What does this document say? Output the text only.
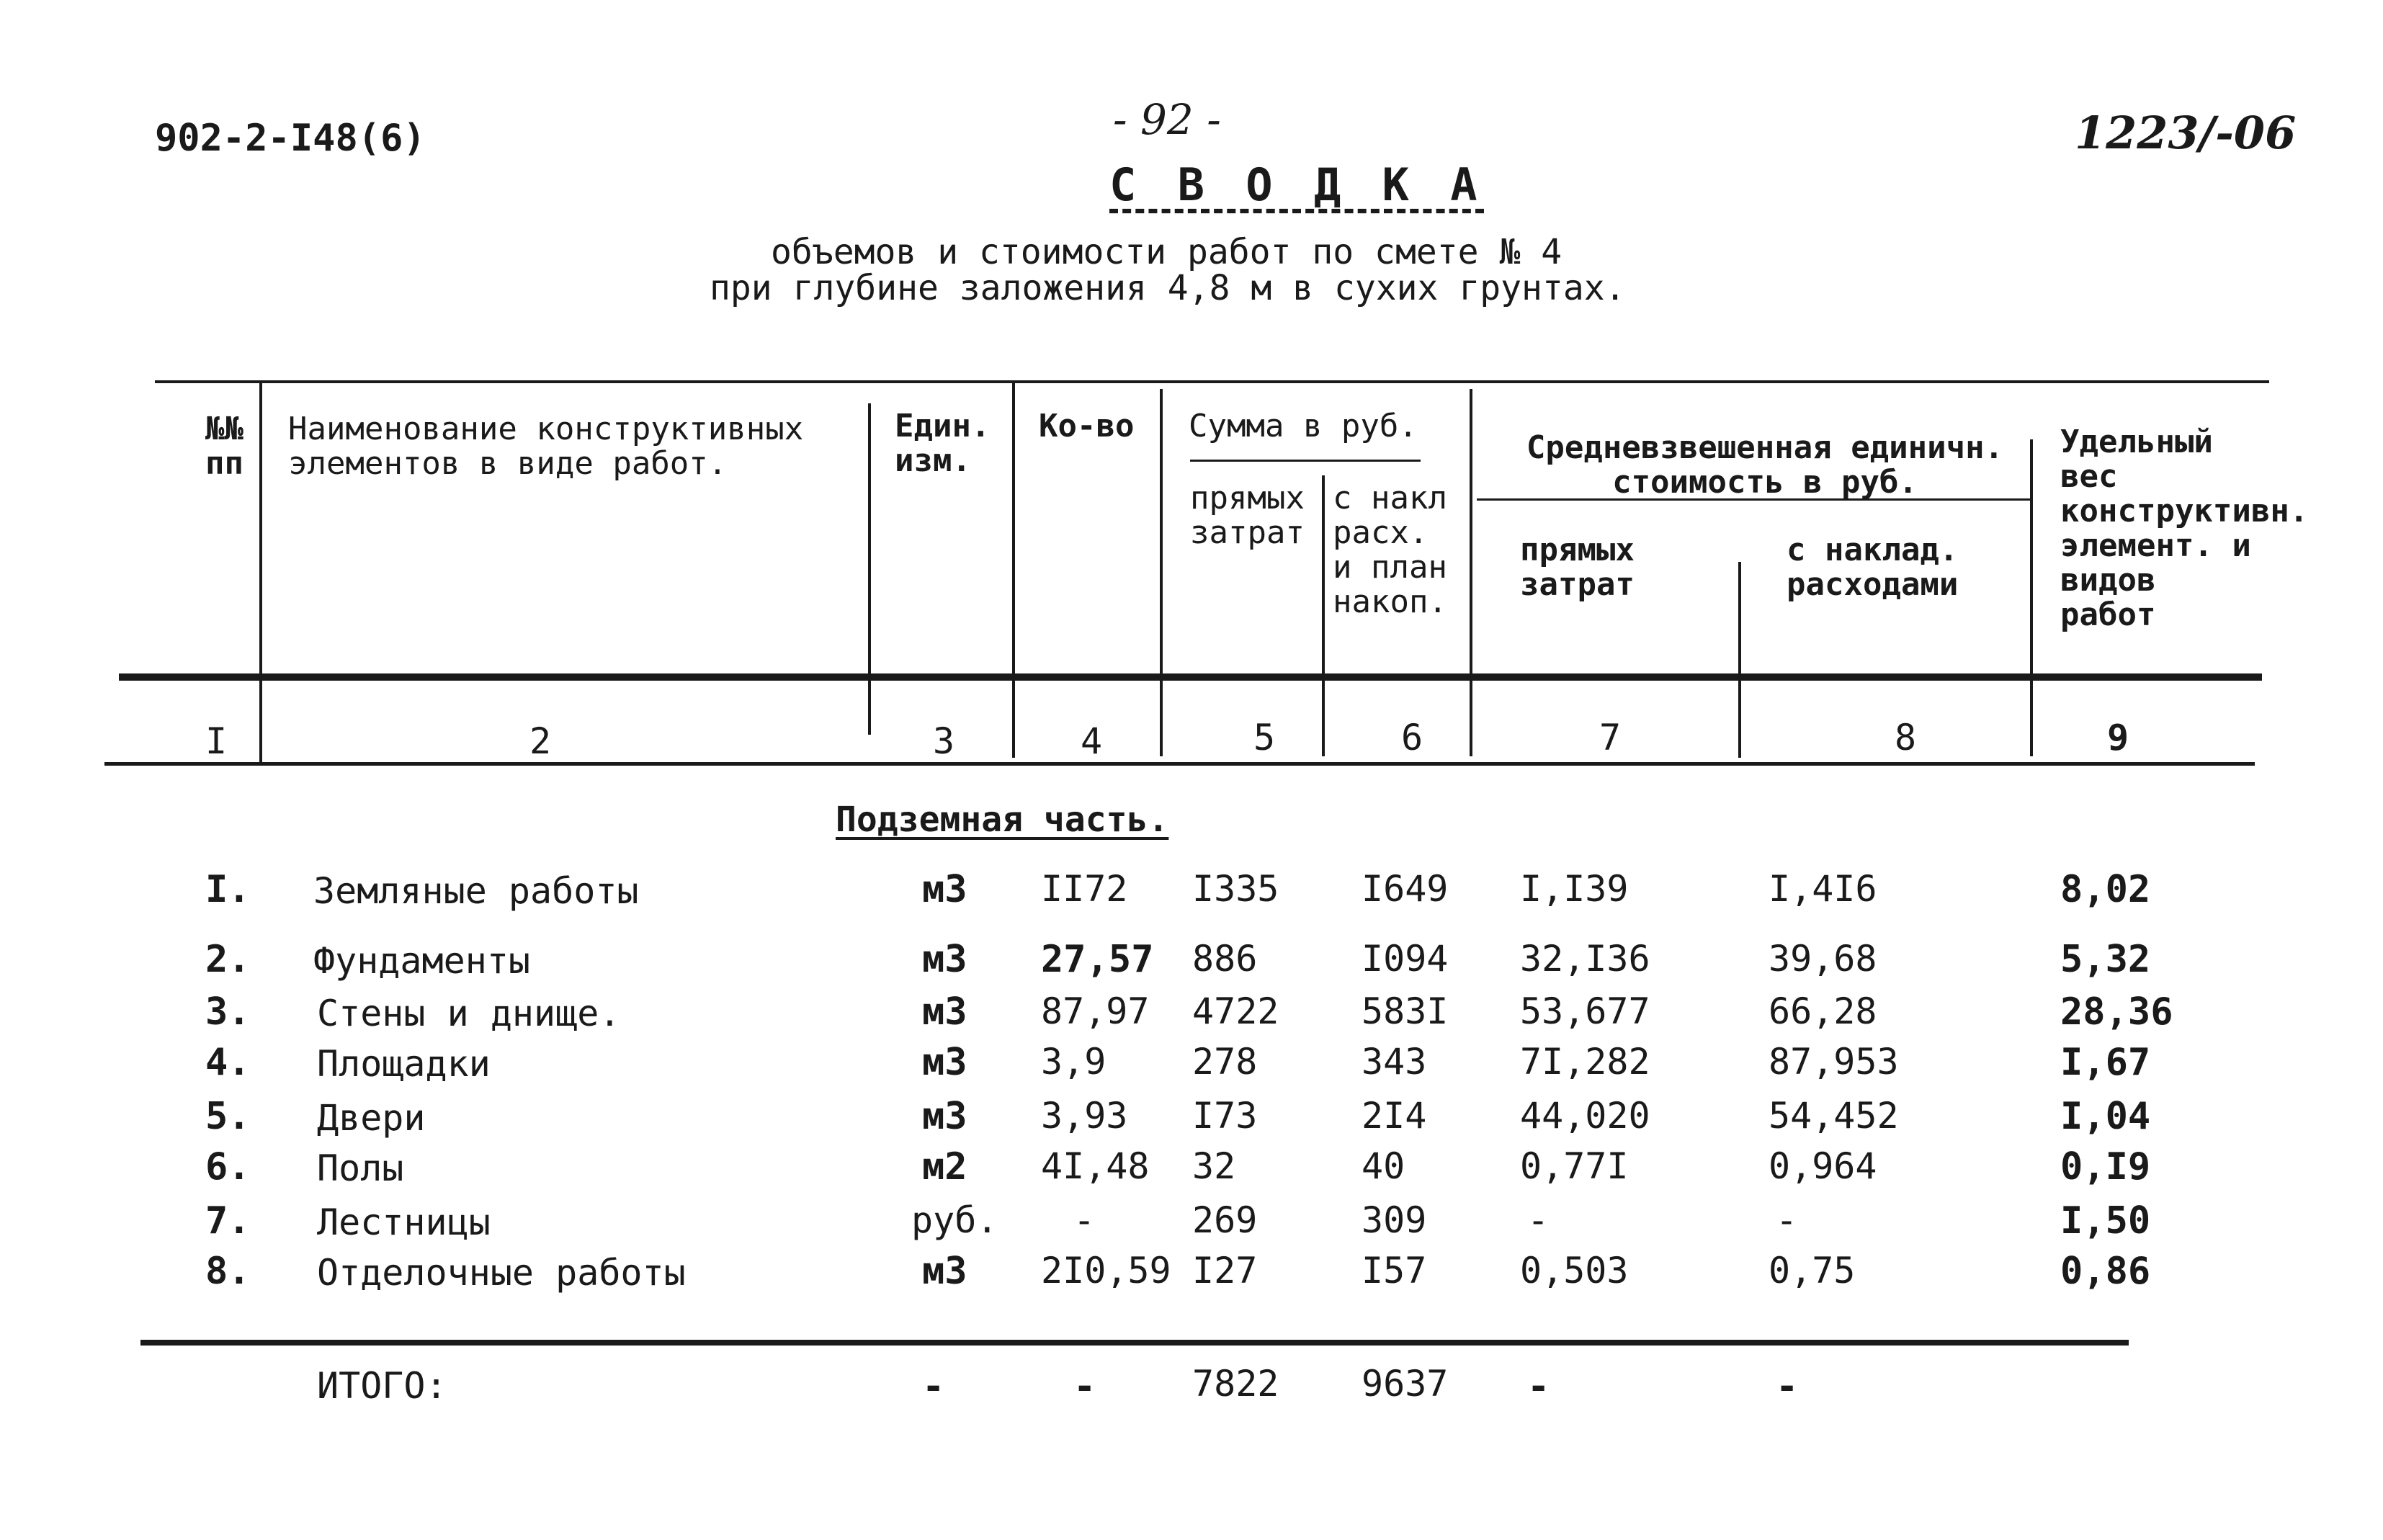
902-2-I48(6)	- 92 -	1223/-06
С В О Д К А
объемов и стоимости работ по смете № 4
при глубине заложения 4,8 м в сухих грунтах.
№№ пп
Наименование конструктивных элементов в виде работ.
Един. изм.
Ко-во Сумма в руб.
прямых затрат
с накл расх. и план накоп.
Средневзвешенная единичн. стоимость в руб.
прямых затрат
с наклад. расходами
Удельный вес конструктивн. элемент. и видов работ
I	2	3	4	5	6	7	8	9
Подземная часть.
I. Земляные работы	м3 II72 I335 I649 I,I39	I,4I6	8,02
2. Фундаменты	м3 27,57 886	I094 32,I36	39,68	5,32
3. Стены и днище.	м3 87,97 4722 583I 53,677	66,28	28,36
4. Площадки	м3 3,9 278	343	7I,282	87,953	I,67
5. Двери	м3 3,93 I73	2I4	44,020	54,452	I,04
6. Полы	м2 4I,48 32	40	0,77I	0,964	0,I9
7. Лестницы	руб. -	269	309	-	-	I,50
8. Отделочные работы	м3 2I0,59 I27	I57	0,503	0,75	0,86
ИТОГО:	-	-	7822 9637 -	-
